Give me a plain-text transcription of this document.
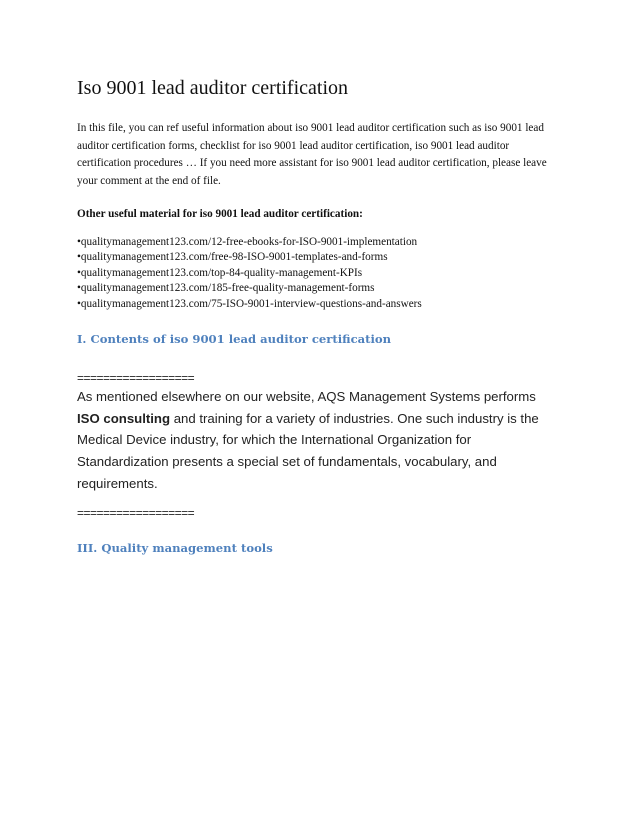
Iso 9001 lead auditor certification

In this file, you can ref useful information about iso 9001 lead auditor certification such as iso 9001 lead auditor certification forms, checklist for iso 9001 lead auditor certification, iso 9001 lead auditor certification procedures … If you need more assistant for iso 9001 lead auditor certification, please leave your comment at the end of file.

Other useful material for iso 9001 lead auditor certification:

• qualitymanagement123.com/12-free-ebooks-for-ISO-9001-implementation
• qualitymanagement123.com/free-98-ISO-9001-templates-and-forms
• qualitymanagement123.com/top-84-quality-management-KPIs
• qualitymanagement123.com/185-free-quality-management-forms
• qualitymanagement123.com/75-ISO-9001-interview-questions-and-answers

I. Contents of iso 9001 lead auditor certification

==================

As mentioned elsewhere on our website, AQS Management Systems performs ISO consulting and training for a variety of industries. One such industry is the Medical Device industry, for which the International Organization for Standardization presents a special set of fundamentals, vocabulary, and requirements.

==================

III. Quality management tools
